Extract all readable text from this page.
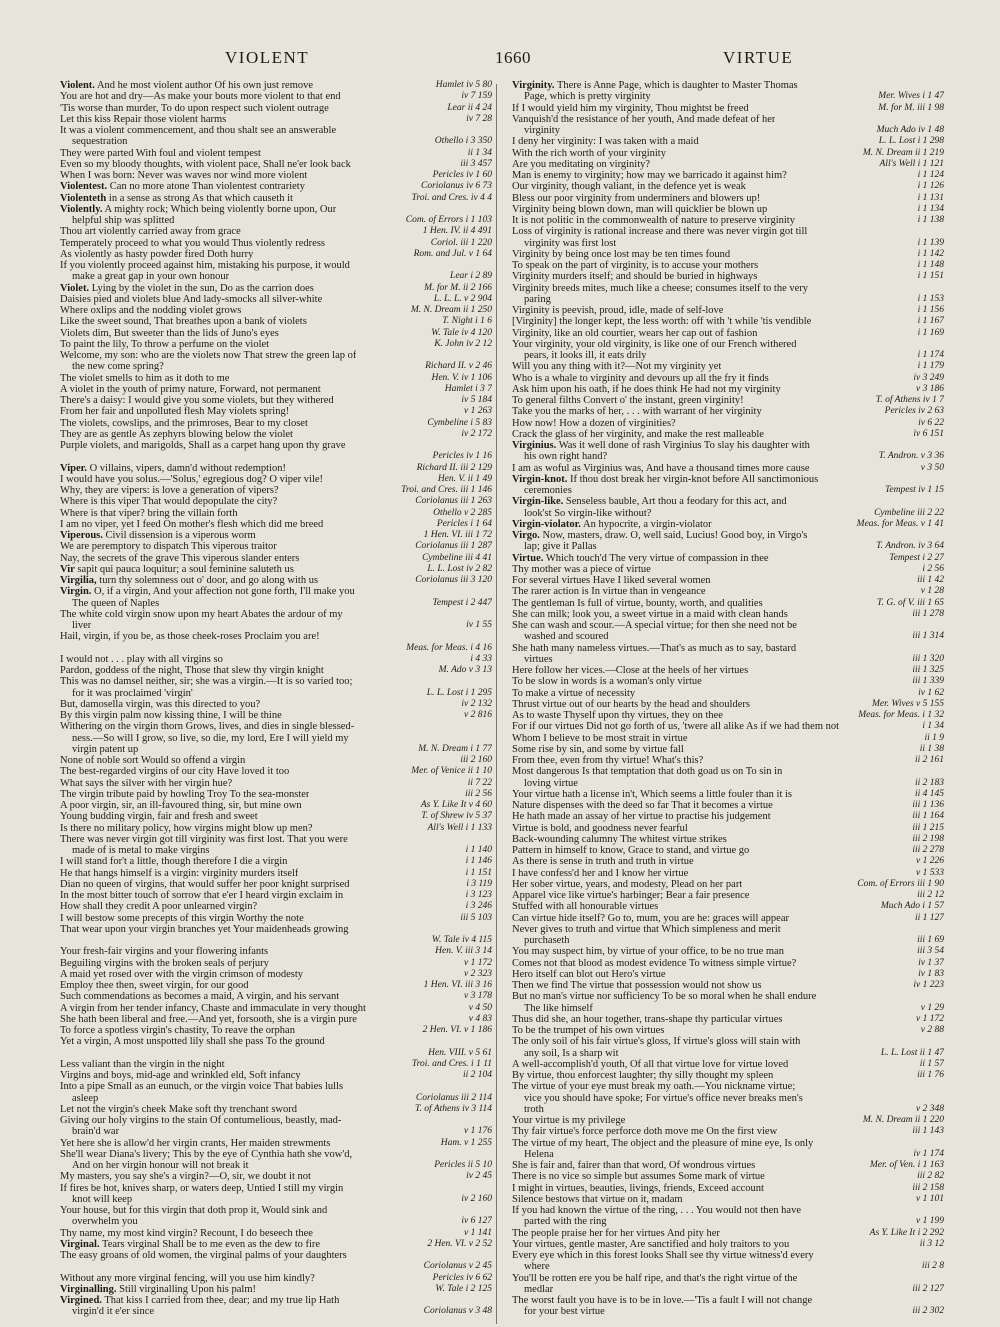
VIOLENT	1660	VIRTUE
Violent. And he most violent author Of his own just remove	Hamlet iv 5 80
You are hot and dry—As make your bouts more violent to that end	iv 7 159
'Tis worse than murder, To do upon respect such violent outrage	Lear ii 4 24
Let this kiss Repair those violent harms	iv 7 28
It was a violent commencement, and thou shalt see an answerable
sequestration	Othello i 3 350
They were parted With foul and violent tempest	ii 1 34
Even so my bloody thoughts, with violent pace, Shall ne'er look back	iii 3 457
When I was born: Never was waves nor wind more violent	Pericles iv 1 60
Violentest. Can no more atone Than violentest contrariety	Coriolanus iv 6 73
Violenteth in a sense as strong As that which causeth it	Troi. and Cres. iv 4 4
Violently. A mighty rock; Which being violently borne upon, Our
helpful ship was splitted	Com. of Errors i 1 103
Thou art violently carried away from grace	1 Hen. IV. ii 4 491
Temperately proceed to what you would Thus violently redress	Coriol. iii 1 220
As violently as hasty powder fired Doth hurry	Rom. and Jul. v 1 64
If you violently proceed against him, mistaking his purpose, it would
make a great gap in your own honour	Lear i 2 89
Violet. Lying by the violet in the sun, Do as the carrion does	M. for M. ii 2 166
Daisies pied and violets blue And lady-smocks all silver-white	L. L. L. v 2 904
Where oxlips and the nodding violet grows	M. N. Dream ii 1 250
Like the sweet sound, That breathes upon a bank of violets	T. Night i 1 6
Violets dim, But sweeter than the lids of Juno's eyes	W. Tale iv 4 120
To paint the lily, To throw a perfume on the violet	K. John iv 2 12
Welcome, my son: who are the violets now That strew the green lap of
the new come spring?	Richard II. v 2 46
The violet smells to him as it doth to me	Hen. V. iv 1 106
A violet in the youth of primy nature, Forward, not permanent	Hamlet i 3 7
There's a daisy: I would give you some violets, but they withered	iv 5 184
From her fair and unpolluted flesh May violets spring!	v 1 263
The violets, cowslips, and the primroses, Bear to my closet	Cymbeline i 5 83
They are as gentle As zephyrs blowing below the violet	iv 2 172
Purple violets, and marigolds, Shall as a carpet hang upon thy grave
Pericles iv 1 16
Viper. O villains, vipers, damn'd without redemption!	Richard II. iii 2 129
I would have you solus.—'Solus,' egregious dog? O viper vile!	Hen. V. ii 1 49
Why, they are vipers: is love a generation of vipers?	Troi. and Cres. iii 1 146
Where is this viper That would depopulate the city?	Coriolanus iii 1 263
Where is that viper? bring the villain forth	Othello v 2 285
I am no viper, yet I feed On mother's flesh which did me breed	Pericles i 1 64
Viperous. Civil dissension is a viperous worm	1 Hen. VI. iii 1 72
We are peremptory to dispatch This viperous traitor	Coriolanus iii 1 287
Nay, the secrets of the grave This viperous slander enters	Cymbeline iii 4 41
Vir sapit qui pauca loquitur; a soul feminine saluteth us	L. L. Lost iv 2 82
Virgilia, turn thy solemness out o' door, and go along with us	Coriolanus iii 3 120
Virgin. O, if a virgin, And your affection not gone forth, I'll make you
The queen of Naples	Tempest i 2 447
The white cold virgin snow upon my heart Abates the ardour of my
liver	iv 1 55
Hail, virgin, if you be, as those cheek-roses Proclaim you are!
Meas. for Meas. i 4 16
I would not . . . play with all virgins so	i 4 33
Pardon, goddess of the night, Those that slew thy virgin knight	M. Ado v 3 13
This was no damsel neither, sir; she was a virgin.—It is so varied too;
for it was proclaimed 'virgin'	L. L. Lost i 1 295
But, damosella virgin, was this directed to you?	iv 2 132
By this virgin palm now kissing thine, I will be thine	v 2 816
Withering on the virgin thorn Grows, lives, and dies in single blessed-
ness.—So will I grow, so live, so die, my lord, Ere I will yield my
virgin patent up	M. N. Dream i 1 77
None of noble sort Would so offend a virgin	iii 2 160
The best-regarded virgins of our city Have loved it too	Mer. of Venice ii 1 10
What says the silver with her virgin hue?	ii 7 22
The virgin tribute paid by howling Troy To the sea-monster	iii 2 56
A poor virgin, sir, an ill-favoured thing, sir, but mine own	As Y. Like It v 4 60
Young budding virgin, fair and fresh and sweet	T. of Shrew iv 5 37
Is there no military policy, how virgins might blow up men?	All's Well i 1 133
There was never virgin got till virginity was first lost. That you were
made of is metal to make virgins	i 1 140
I will stand for't a little, though therefore I die a virgin	i 1 146
He that hangs himself is a virgin: virginity murders itself	i 1 151
Dian no queen of virgins, that would suffer her poor knight surprised	i 3 119
In the most bitter touch of sorrow that e'er I heard virgin exclaim in	i 3 123
How shall they credit A poor unlearned virgin?	i 3 246
I will bestow some precepts of this virgin Worthy the note	iii 5 103
That wear upon your virgin branches yet Your maidenheads growing
W. Tale iv 4 115
Your fresh-fair virgins and your flowering infants	Hen. V. iii 3 14
Beguiling virgins with the broken seals of perjury	v 1 172
A maid yet rosed over with the virgin crimson of modesty	v 2 323
Employ thee then, sweet virgin, for our good	1 Hen. VI. iii 3 16
Such commendations as becomes a maid, A virgin, and his servant	v 3 178
A virgin from her tender infancy, Chaste and immaculate in very thought	v 4 50
She hath been liberal and free.—And yet, forsooth, she is a virgin pure	v 4 83
To force a spotless virgin's chastity, To reave the orphan	2 Hen. VI. v 1 186
Yet a virgin, A most unspotted lily shall she pass To the ground
Hen. VIII. v 5 61
Less valiant than the virgin in the night	Troi. and Cres. i 1 11
Virgins and boys, mid-age and wrinkled eld, Soft infancy	ii 2 104
Into a pipe Small as an eunuch, or the virgin voice That babies lulls
asleep	Coriolanus iii 2 114
Let not the virgin's cheek Make soft thy trenchant sword	T. of Athens iv 3 114
Giving our holy virgins to the stain Of contumelious, beastly, mad-
brain'd war	v 1 176
Yet here she is allow'd her virgin crants, Her maiden strewments	Ham. v 1 255
She'll wear Diana's livery; This by the eye of Cynthia hath she vow'd,
And on her virgin honour will not break it	Pericles ii 5 10
My masters, you say she's a virgin?—O, sir, we doubt it not	iv 2 45
If fires be hot, knives sharp, or waters deep, Untied I still my virgin
knot will keep	iv 2 160
Your house, but for this virgin that doth prop it, Would sink and
overwhelm you	iv 6 127
Thy name, my most kind virgin? Recount, I do beseech thee	v 1 141
Virginal. Tears virginal Shall be to me even as the dew to fire	2 Hen. VI. v 2 52
The easy groans of old women, the virginal palms of your daughters
Coriolanus v 2 45
Without any more virginal fencing, will you use him kindly?	Pericles iv 6 62
Virginalling. Still virginalling Upon his palm!	W. Tale i 2 125
Virgined. That kiss I carried from thee, dear; and my true lip Hath
virgin'd it e'er since	Coriolanus v 3 48
Virginity. There is Anne Page, which is daughter to Master Thomas
Page, which is pretty virginity	Mer. Wives i 1 47
If I would yield him my virginity, Thou mightst be freed	M. for M. iii 1 98
Vanquish'd the resistance of her youth, And made defeat of her
virginity	Much Ado iv 1 48
I deny her virginity: I was taken with a maid	L. L. Lost i 1 298
With the rich worth of your virginity	M. N. Dream ii 1 219
Are you meditating on virginity?	All's Well i 1 121
Man is enemy to virginity; how may we barricado it against him?	i 1 124
Our virginity, though valiant, in the defence yet is weak	i 1 126
Bless our poor virginity from underminers and blowers up!	i 1 131
Virginity being blown down, man will quicklier be blown up	i 1 134
It is not politic in the commonwealth of nature to preserve virginity	i 1 138
Loss of virginity is rational increase and there was never virgin got till
virginity was first lost	i 1 139
Virginity by being once lost may be ten times found	i 1 142
To speak on the part of virginity, is to accuse your mothers	i 1 148
Virginity murders itself; and should be buried in highways	i 1 151
Virginity breeds mites, much like a cheese; consumes itself to the very
paring	i 1 153
Virginity is peevish, proud, idle, made of self-love	i 1 156
[Virginity] the longer kept, the less worth: off with 't while 'tis vendible	i 1 167
Virginity, like an old courtier, wears her cap out of fashion	i 1 169
Your virginity, your old virginity, is like one of our French withered
pears, it looks ill, it eats drily	i 1 174
Will you any thing with it?—Not my virginity yet	i 1 179
Who is a whale to virginity and devours up all the fry it finds	iv 3 249
Ask him upon his oath, if he does think He had not my virginity	v 3 186
To general filths Convert o' the instant, green virginity!	T. of Athens iv 1 7
Take you the marks of her, . . . with warrant of her virginity	Pericles iv 2 63
How now! How a dozen of virginities?	iv 6 22
Crack the glass of her virginity, and make the rest malleable	iv 6 151
Virginius. Was it well done of rash Virginius To slay his daughter with
his own right hand?	T. Andron. v 3 36
I am as woful as Virginius was, And have a thousand times more cause	v 3 50
Virgin-knot. If thou dost break her virgin-knot before All sanctimonious
ceremonies	Tempest iv 1 15
Virgin-like. Senseless bauble, Art thou a feodary for this act, and
look'st So virgin-like without?	Cymbeline iii 2 22
Virgin-violator. An hypocrite, a virgin-violator	Meas. for Meas. v 1 41
Virgo. Now, masters, draw. O, well said, Lucius! Good boy, in Virgo's
lap; give it Pallas	T. Andron. iv 3 64
Virtue. Which touch'd The very virtue of compassion in thee	Tempest i 2 27
Thy mother was a piece of virtue	i 2 56
For several virtues Have I liked several women	iii 1 42
The rarer action is In virtue than in vengeance	v 1 28
The gentleman Is full of virtue, bounty, worth, and qualities	T. G. of V. iii 1 65
She can milk; look you, a sweet virtue in a maid with clean hands	iii 1 278
She can wash and scour.—A special virtue; for then she need not be
washed and scoured	iii 1 314
She hath many nameless virtues.—That's as much as to say, bastard
virtues	iii 1 320
Here follow her vices.—Close at the heels of her virtues	iii 1 325
To be slow in words is a woman's only virtue	iii 1 339
To make a virtue of necessity	iv 1 62
Thrust virtue out of our hearts by the head and shoulders	Mer. Wives v 5 155
As to waste Thyself upon thy virtues, they on thee	Meas. for Meas. i 1 32
For if our virtues Did not go forth of us, 'twere all alike As if we had them not	i 1 34
Whom I believe to be most strait in virtue	ii 1 9
Some rise by sin, and some by virtue fall	ii 1 38
From thee, even from thy virtue! What's this?	ii 2 161
Most dangerous Is that temptation that doth goad us on To sin in
loving virtue	ii 2 183
Your virtue hath a license in't, Which seems a little fouler than it is	ii 4 145
Nature dispenses with the deed so far That it becomes a virtue	iii 1 136
He hath made an assay of her virtue to practise his judgement	iii 1 164
Virtue is bold, and goodness never fearful	iii 1 215
Back-wounding calumny The whitest virtue strikes	iii 2 198
Pattern in himself to know, Grace to stand, and virtue go	iii 2 278
As there is sense in truth and truth in virtue	v 1 226
I have confess'd her and I know her virtue	v 1 533
Her sober virtue, years, and modesty, Plead on her part	Com. of Errors iii 1 90
Apparel vice like virtue's harbinger; Bear a fair presence	iii 2 12
Stuffed with all honourable virtues	Much Ado i 1 57
Can virtue hide itself? Go to, mum, you are he: graces will appear	ii 1 127
Never gives to truth and virtue that Which simpleness and merit
purchaseth	iii 1 69
You may suspect him, by virtue of your office, to be no true man	iii 3 54
Comes not that blood as modest evidence To witness simple virtue?	iv 1 37
Hero itself can blot out Hero's virtue	iv 1 83
Then we find The virtue that possession would not show us	iv 1 223
But no man's virtue nor sufficiency To be so moral when he shall endure
The like himself	v 1 29
Thus did she, an hour together, trans-shape thy particular virtues	v 1 172
To be the trumpet of his own virtues	v 2 88
The only soil of his fair virtue's gloss, If virtue's gloss will stain with
any soil, Is a sharp wit	L. L. Lost ii 1 47
A well-accomplish'd youth, Of all that virtue love for virtue loved	ii 1 57
By virtue, thou enforcest laughter; thy silly thought my spleen	iii 1 76
The virtue of your eye must break my oath.—You nickname virtue;
vice you should have spoke; For virtue's office never breaks men's
troth	v 2 348
Your virtue is my privilege	M. N. Dream ii 1 220
Thy fair virtue's force perforce doth move me On the first view	iii 1 143
The virtue of my heart, The object and the pleasure of mine eye, Is only
Helena	iv 1 174
She is fair and, fairer than that word, Of wondrous virtues	Mer. of Ven. i 1 163
There is no vice so simple but assumes Some mark of virtue	iii 2 82
I might in virtues, beauties, livings, friends, Exceed account	iii 2 158
Silence bestows that virtue on it, madam	v 1 101
If you had known the virtue of the ring, . . . You would not then have
parted with the ring	v 1 199
The people praise her for her virtues And pity her	As Y. Like It i 2 292
Your virtues, gentle master, Are sanctified and holy traitors to you	ii 3 12
Every eye which in this forest looks Shall see thy virtue witness'd every
where	iii 2 8
You'll be rotten ere you be half ripe, and that's the right virtue of the
medlar	iii 2 127
The worst fault you have is to be in love.—'Tis a fault I will not change
for your best virtue	iii 2 302
